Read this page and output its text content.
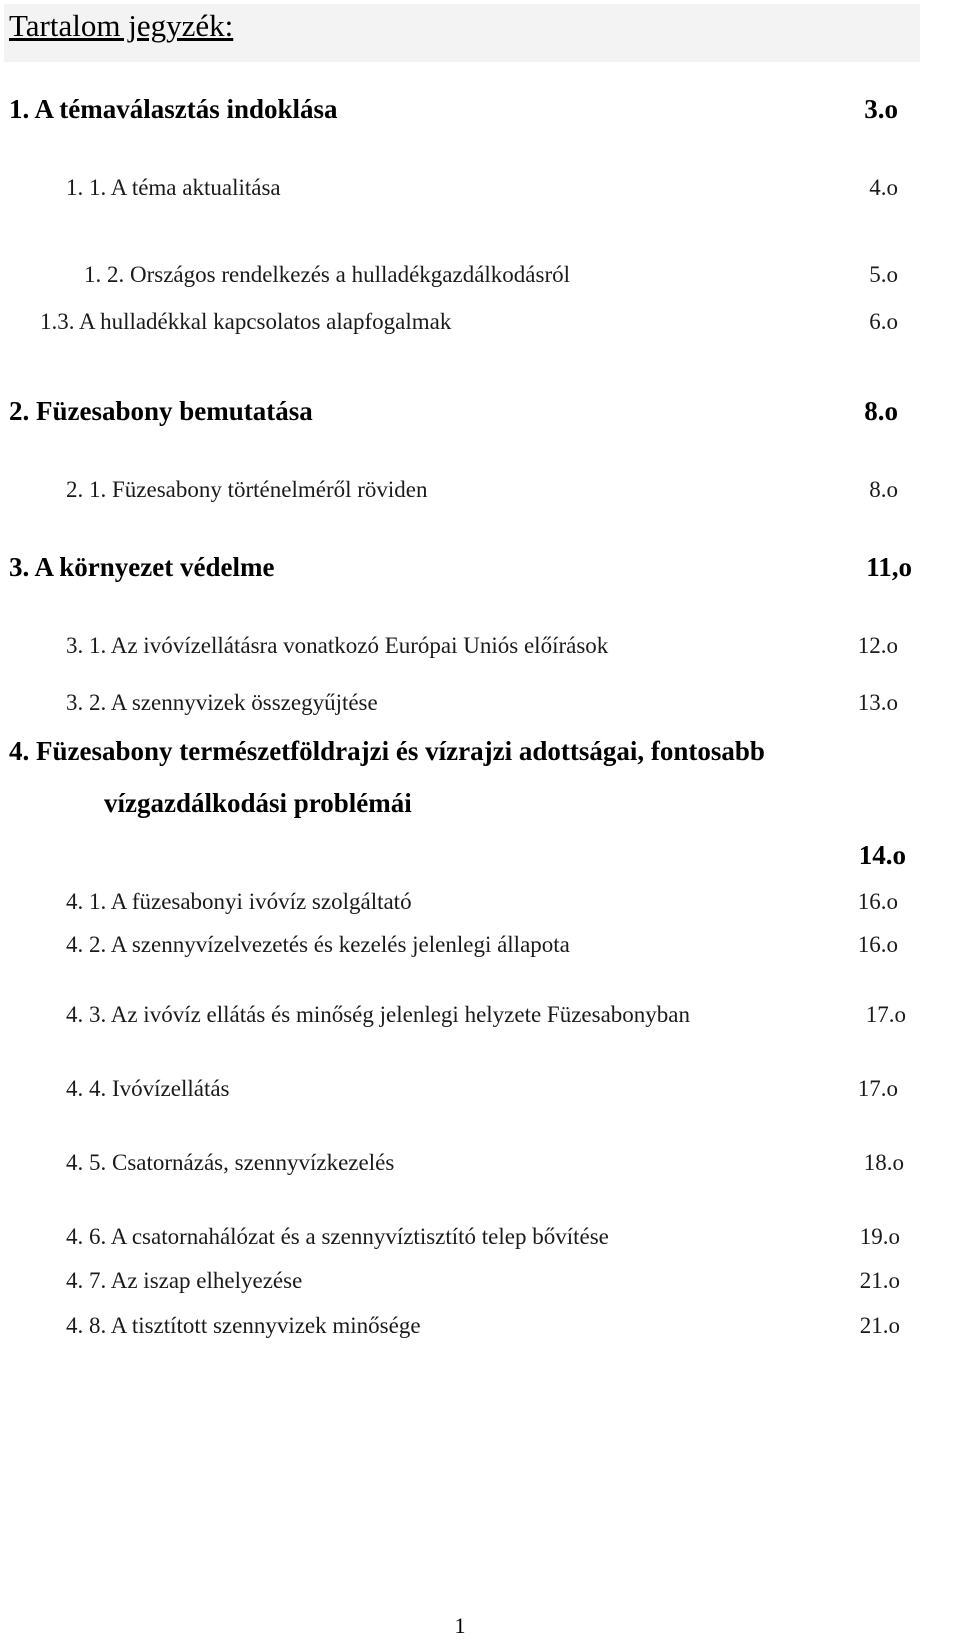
Tartalom jegyzék:
1. A témaválasztás indoklása	3.o
1. 1. A téma aktualitása	4.o
1. 2. Országos rendelkezés a hulladékgazdálkodásról	5.o
1.3. A hulladékkal kapcsolatos alapfogalmak	6.o
2. Füzesabony bemutatása	8.o
2. 1. Füzesabony történelméről röviden	8.o
3. A környezet védelme	11,o
3. 1. Az ivóvízellátásra vonatkozó Európai Uniós előírások	12.o
3. 2. A szennyvizek összegyűjtése	13.o
4. Füzesabony természetföldrajzi és vízrajzi adottságai, fontosabb
vízgazdálkodási problémái
14.o
4. 1. A füzesabonyi ivóvíz szolgáltató	16.o
4. 2. A szennyvízelvezetés és kezelés jelenlegi állapota	16.o
4. 3. Az ivóvíz ellátás és minőség jelenlegi helyzete Füzesabonyban	17.o
4. 4. Ivóvízellátás	17.o
4. 5. Csatornázás, szennyvízkezelés	18.o
4. 6. A csatornahálózat és a szennyvíztisztító telep bővítése	19.o
4. 7. Az iszap elhelyezése	21.o
4. 8. A tisztított szennyvizek minősége	21.o
1
